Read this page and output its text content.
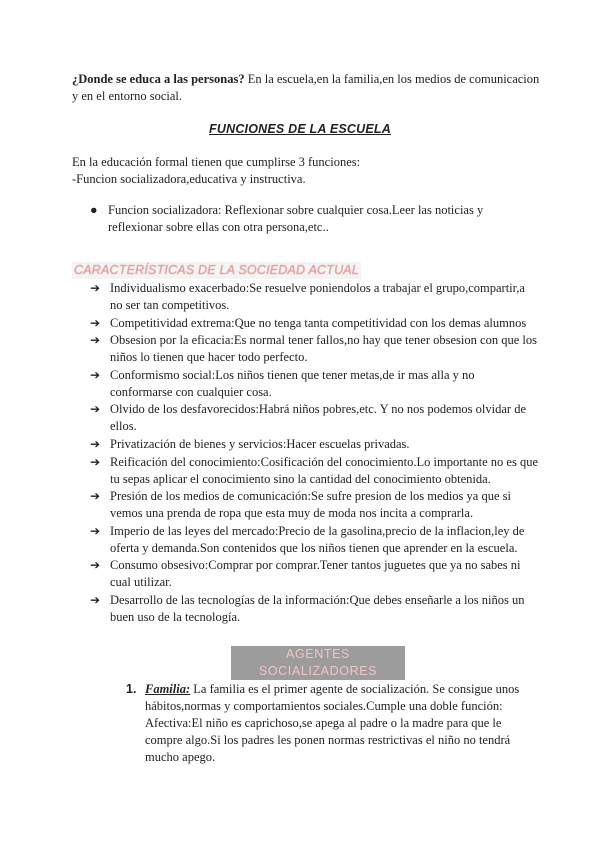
¿Donde se educa a las personas? En la escuela,en la familia,en los medios de comunicacion y en el entorno social.
FUNCIONES DE LA ESCUELA
En la educación formal tienen que cumplirse 3 funciones:
-Funcion socializadora,educativa y instructiva.
● Funcion socializadora: Reflexionar sobre cualquier cosa.Leer las noticias y reflexionar sobre ellas con otra persona,etc..
CARACTERÍSTICAS DE LA SOCIEDAD ACTUAL
➔ Individualismo exacerbado:Se resuelve poniendolos a trabajar el grupo,compartir,a no ser tan competitivos.
➔ Competitividad extrema:Que no tenga tanta competitividad con los demas alumnos
➔ Obsesion por la eficacia:Es normal tener fallos,no hay que tener obsesion con que los niños lo tienen que hacer todo perfecto.
➔ Conformismo social:Los niños tienen que tener metas,de ir mas alla y no conformarse con cualquier cosa.
➔ Olvido de los desfavorecidos:Habrá niños pobres,etc. Y no nos podemos olvidar de ellos.
➔ Privatización de bienes y servicios:Hacer escuelas privadas.
➔ Reificación del conocimiento:Cosificación del conocimiento.Lo importante no es que tu sepas aplicar el conocimiento sino la cantidad del conocimiento obtenida.
➔ Presión de los medios de comunicación:Se sufre presion de los medios ya que si vemos una prenda de ropa que esta muy de moda nos incita a comprarla.
➔ Imperio de las leyes del mercado:Precio de la gasolina,precio de la inflacion,ley de oferta y demanda.Son contenidos que los niños tienen que aprender en la escuela.
➔ Consumo obsesivo:Comprar por comprar.Tener tantos juguetes que ya no sabes ni cual utilizar.
➔ Desarrollo de las tecnologías de la información:Que debes enseñarle a los niños un buen uso de la tecnología.
AGENTES SOCIALIZADORES
1. Familia: La familia es el primer agente de socialización. Se consigue unos hábitos,normas y comportamientos sociales.Cumple una doble función: Afectiva:El niño es caprichoso,se apega al padre o la madre para que le compre algo.Si los padres les ponen normas restrictivas el niño no tendrá mucho apego.
